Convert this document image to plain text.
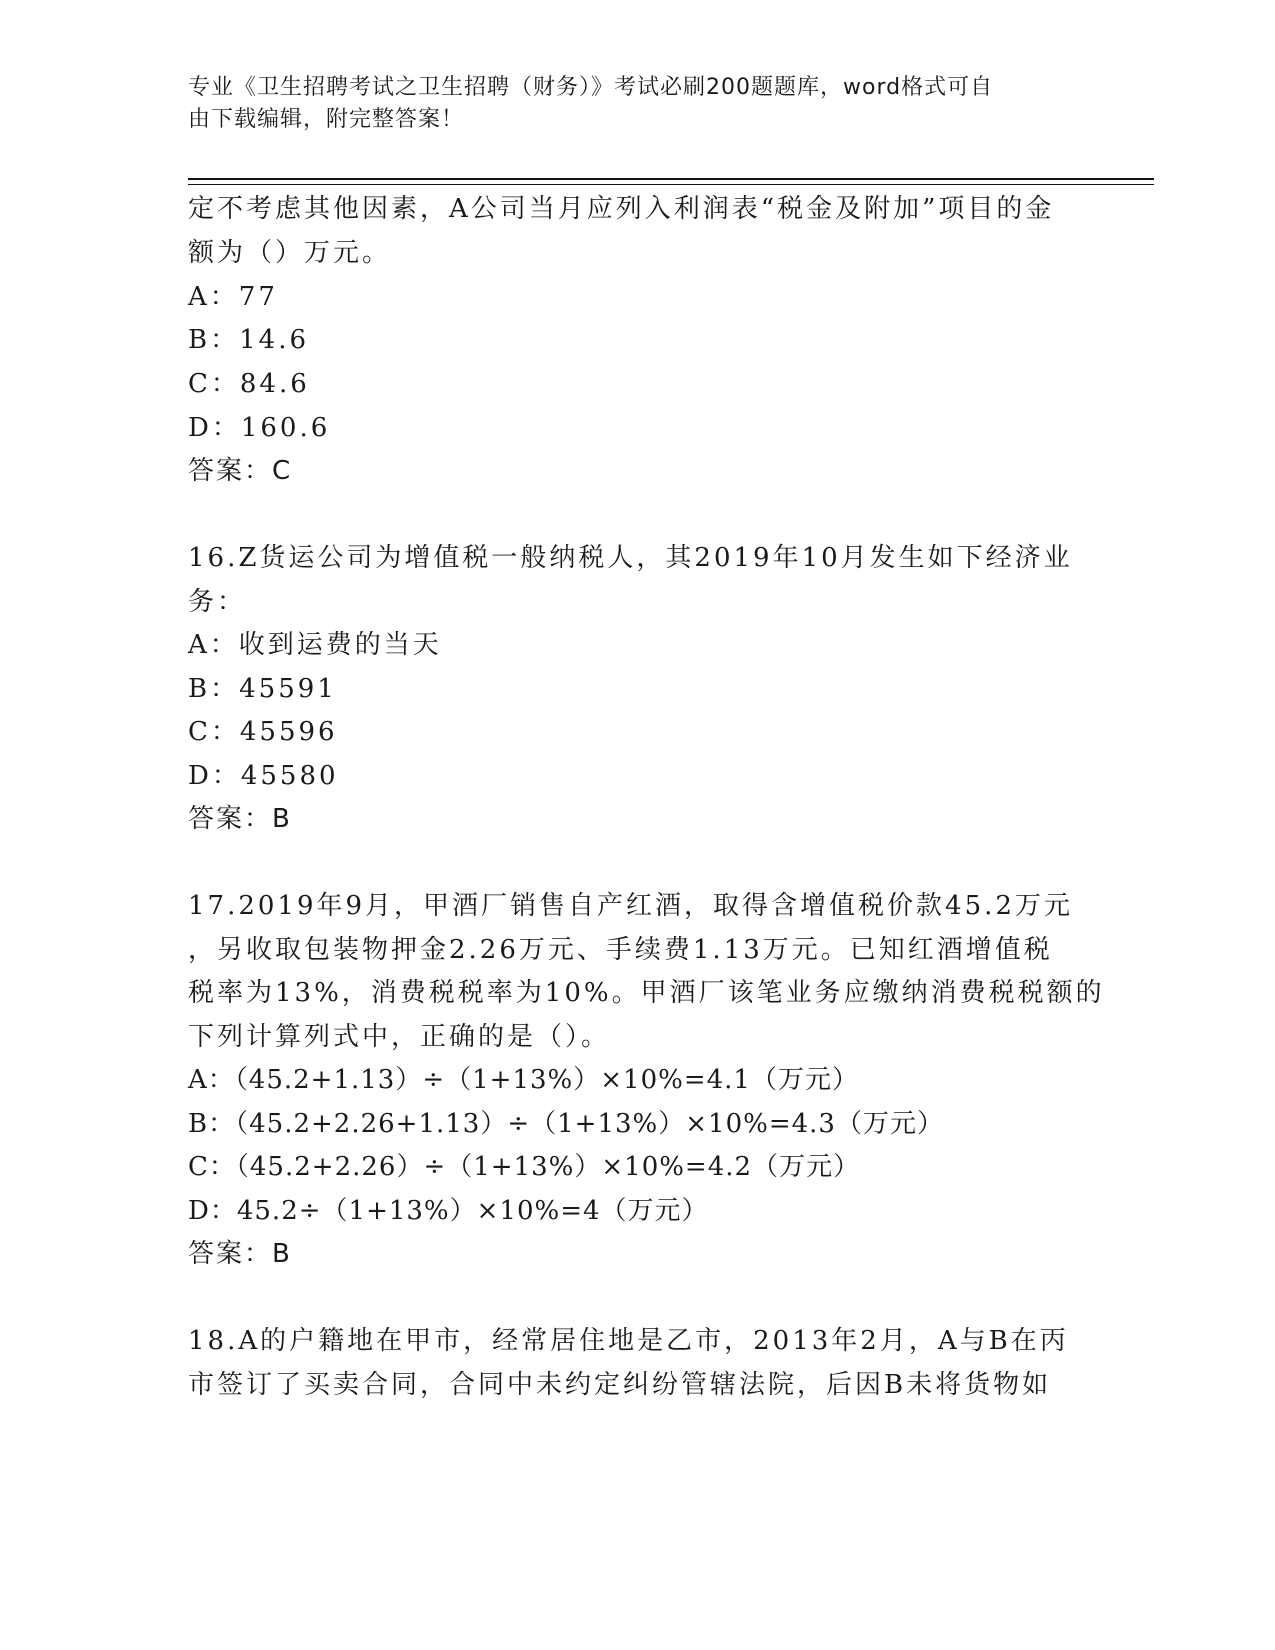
专业《卫生招聘考试之卫生招聘（财务）》考试必刷200题题库，word格式可自
由下载编辑，附完整答案！
定不考虑其他因素，A公司当月应列入利润表“税金及附加”项目的金
额为（）万元。
A：77
B：14.6
C：84.6
D：160.6
答案：C
16.Z货运公司为增值税一般纳税人，其2019年10月发生如下经济业
务：
A：收到运费的当天
B：45591
C：45596
D：45580
答案：B
17.2019年9月，甲酒厂销售自产红酒，取得含增值税价款45.2万元
，另收取包装物押金2.26万元、手续费1.13万元。已知红酒增值税
税率为13%，消费税税率为10%。甲酒厂该笔业务应缴纳消费税税额的
下列计算列式中，正确的是（）。
A：（45.2+1.13）÷（1+13%）×10%=4.1（万元）
B：（45.2+2.26+1.13）÷（1+13%）×10%=4.3（万元）
C：（45.2+2.26）÷（1+13%）×10%=4.2（万元）
D：45.2÷（1+13%）×10%=4（万元）
答案：B
18.A的户籍地在甲市，经常居住地是乙市，2013年2月，A与B在丙
市签订了买卖合同，合同中未约定纠纷管辖法院，后因B未将货物如
